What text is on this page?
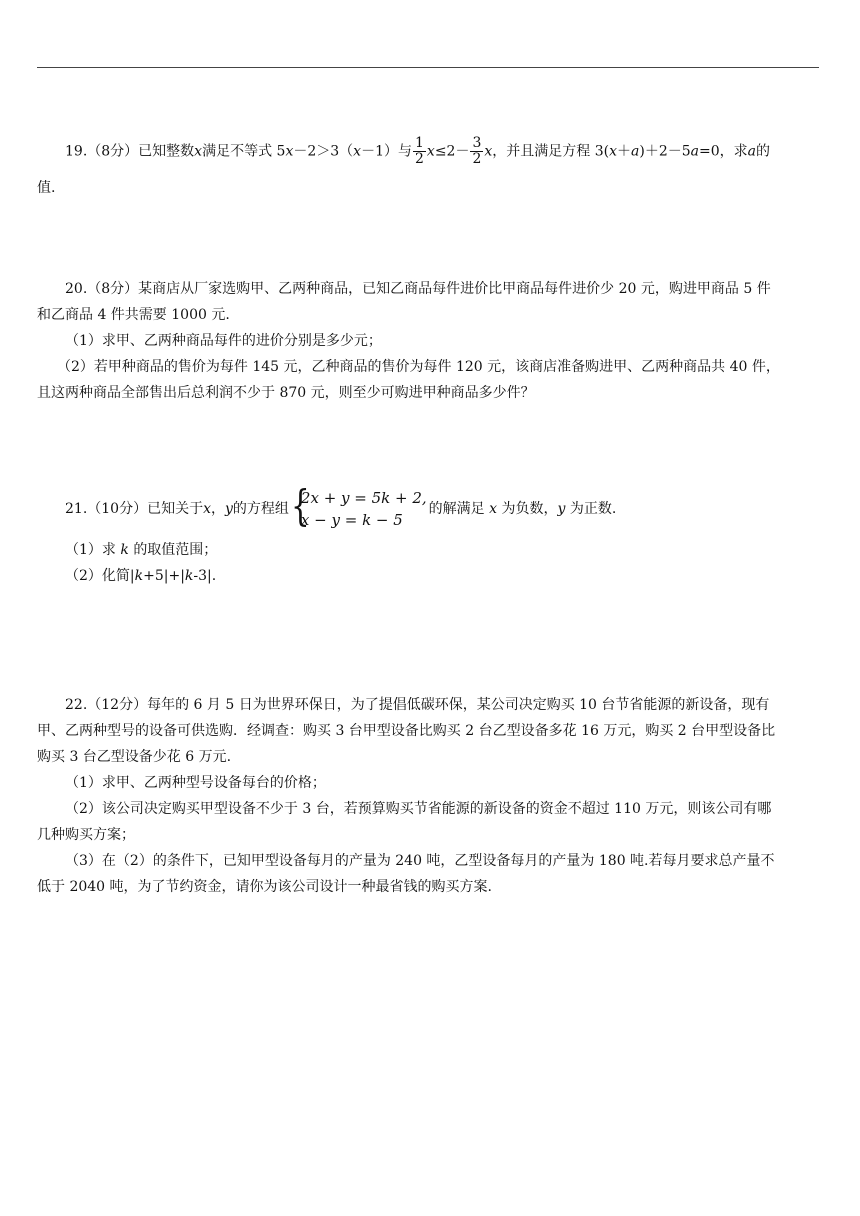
19.（8分）已知整数x满足不等式 5x－2＞3（x－1）与 $\frac{1}{2} x\le 2- \frac{3}{2}$ x，并且满足方程 3(x＋a)＋2－5a=0，求a的
值.
20.（8分）某商店从厂家选购甲、乙两种商品，已知乙商品每件进价比甲商品每件进价少 20 元，购进甲商品 5 件
和乙商品 4 件共需要 1000 元.
（1）求甲、乙两种商品每件的进价分别是多少元；
（2）若甲种商品的售价为每件 145 元，乙种商品的售价为每件 120 元，该商店准备购进甲、乙两种商品共 40 件，
且这两种商品全部售出后总利润不少于 870 元，则至少可购进甲种商品多少件？
21.（10分）已知关于x，y的方程组 {
2x + y = 5k + 2,
x − y = k − 5
的解满足 x 为负数，y 为正数.
（1）求 k 的取值范围；
（2）化简|k+5|+|k-3|.
22.（12分）每年的 6 月 5 日为世界环保日，为了提倡低碳环保，某公司决定购买 10 台节省能源的新设备，现有
甲、乙两种型号的设备可供选购．经调查：购买 3 台甲型设备比购买 2 台乙型设备多花 16 万元，购买 2 台甲型设备比
购买 3 台乙型设备少花 6 万元.
（1）求甲、乙两种型号设备每台的价格；
（2）该公司决定购买甲型设备不少于 3 台，若预算购买节省能源的新设备的资金不超过 110 万元，则该公司有哪
几种购买方案；
（3）在（2）的条件下，已知甲型设备每月的产量为 240 吨，乙型设备每月的产量为 180 吨.若每月要求总产量不
低于 2040 吨，为了节约资金，请你为该公司设计一种最省钱的购买方案.
